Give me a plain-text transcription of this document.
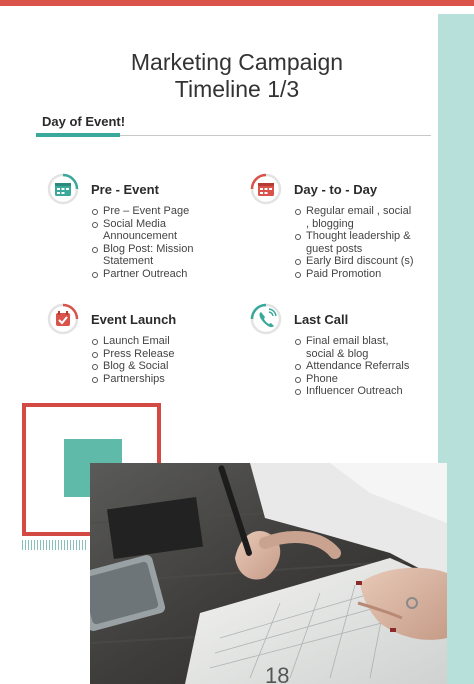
Marketing Campaign
Timeline 1/3
Day of Event!
Pre - Event
Pre – Event Page
Social Media
Announcement
Blog Post: Mission
Statement
Partner Outreach
Day - to - Day
Regular email , social
, blogging
Thought leadership &
guest posts
Early Bird discount (s)
Paid Promotion
Event Launch
Launch Email
Press Release
Blog & Social
Partnerships
Last Call
Final email blast,
social & blog
Attendance Referrals
Phone
Influencer Outreach
18
